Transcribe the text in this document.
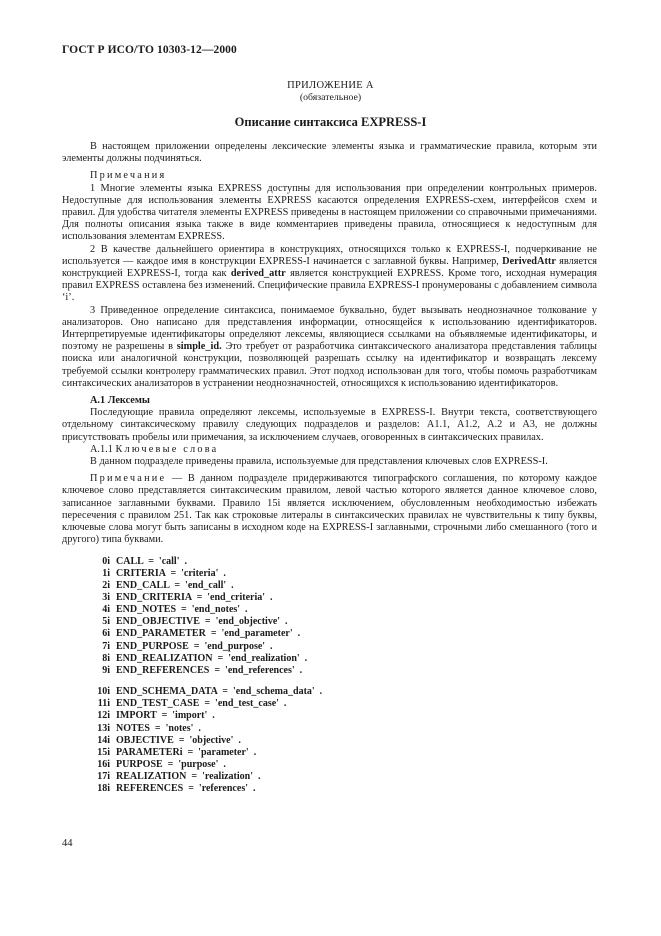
ГОСТ Р ИСО/ТО 10303-12—2000
ПРИЛОЖЕНИЕ А
(обязательное)
Описание синтаксиса EXPRESS-I

В настоящем приложении определены лексические элементы языка и грамматические правила, которым эти элементы должны подчиняться.

Примечания

1 Многие элементы языка EXPRESS доступны для использования при определении контрольных примеров. Недоступные для использования элементы EXPRESS касаются определения EXPRESS-схем, интерфейсов схем и правил. Для удобства читателя элементы EXPRESS приведены в настоящем приложении со справочными примечаниями. Для полноты описания языка также в виде комментариев приведены правила, относящиеся к недоступным для использования элементам EXPRESS.

2 В качестве дальнейшего ориентира в конструкциях, относящихся только к EXPRESS-I, подчеркивание не используется — каждое имя в конструкции EXPRESS-I начинается с заглавной буквы. Например, DerivedAttr является конструкцией EXPRESS-I, тогда как derived_attr является конструкцией EXPRESS. Кроме того, исходная нумерация правил EXPRESS оставлена без изменений. Специфические правила EXPRESS-I пронумерованы с добавлением символа ‘i’.

3 Приведенное определение синтаксиса, понимаемое буквально, будет вызывать неоднозначное толкование у анализаторов. Оно написано для представления информации, относящейся к использованию идентификаторов. Интерпретируемые идентификаторы определяют лексемы, являющиеся ссылками на объявляемые идентификаторы, и поэтому не разрешены в simple_id. Это требует от разработчика синтаксического анализатора представления таблицы поиска или аналогичной конструкции, позволяющей разрешать ссылку на идентификатор и возвращать лексему требуемой ссылки контролеру грамматических правил. Этот подход использован для того, чтобы помочь разработчикам синтаксических анализаторов в устранении неоднозначностей, относящихся к использованию идентификаторов.

А.1 Лексемы

Последующие правила определяют лексемы, используемые в EXPRESS-I. Внутри текста, соответствующего отдельному синтаксическому правилу следующих подразделов и разделов: А1.1, А1.2, А.2 и А3, не должны присутствовать пробелы или примечания, за исключением случаев, оговоренных в синтаксических правилах.

А.1.1 Ключевые слова

В данном подразделе приведены правила, используемые для представления ключевых слов EXPRESS-I.

Примечание — В данном подразделе придерживаются типографского соглашения, по которому каждое ключевое слово представляется синтаксическим правилом, левой частью которого является данное ключевое слово, записанное заглавными буквами. Правило 15i является исключением, обусловленным необходимостью избежать пересечения с правилом 251. Так как строковые литералы в синтаксических правилах не чувствительны к типу буквы, ключевые слова могут быть записаны в исходном коде на EXPRESS-I заглавными, строчными либо смешанного (того и другого) типа буквами.

0i CALL  =  'call'  .
1i CRITERIA  =  'criteria'  .
2i END_CALL  =  'end_call'  .
3i END_CRITERIA  =  'end_criteria'  .
4i END_NOTES  =  'end_notes'  .
5i END_OBJECTIVE  =  'end_objective'  .
6i END_PARAMETER  =  'end_parameter'  .
7i END_PURPOSE  =  'end_purpose'  .
8i END_REALIZATION  =  'end_realization'  .
9i END_REFERENCES  =  'end_references'  .
10i END_SCHEMA_DATA  =  'end_schema_data'  .
11i END_TEST_CASE  =  'end_test_case'  .
12i IMPORT  =  'import'  .
13i NOTES  =  'notes'  .
14i OBJECTIVE  =  'objective'  .
15i PARAMETERi  =  'parameter'  .
16i PURPOSE  =  'purpose'  .
17i REALIZATION  =  'realization'  .
18i REFERENCES  =  'references'  .
44
